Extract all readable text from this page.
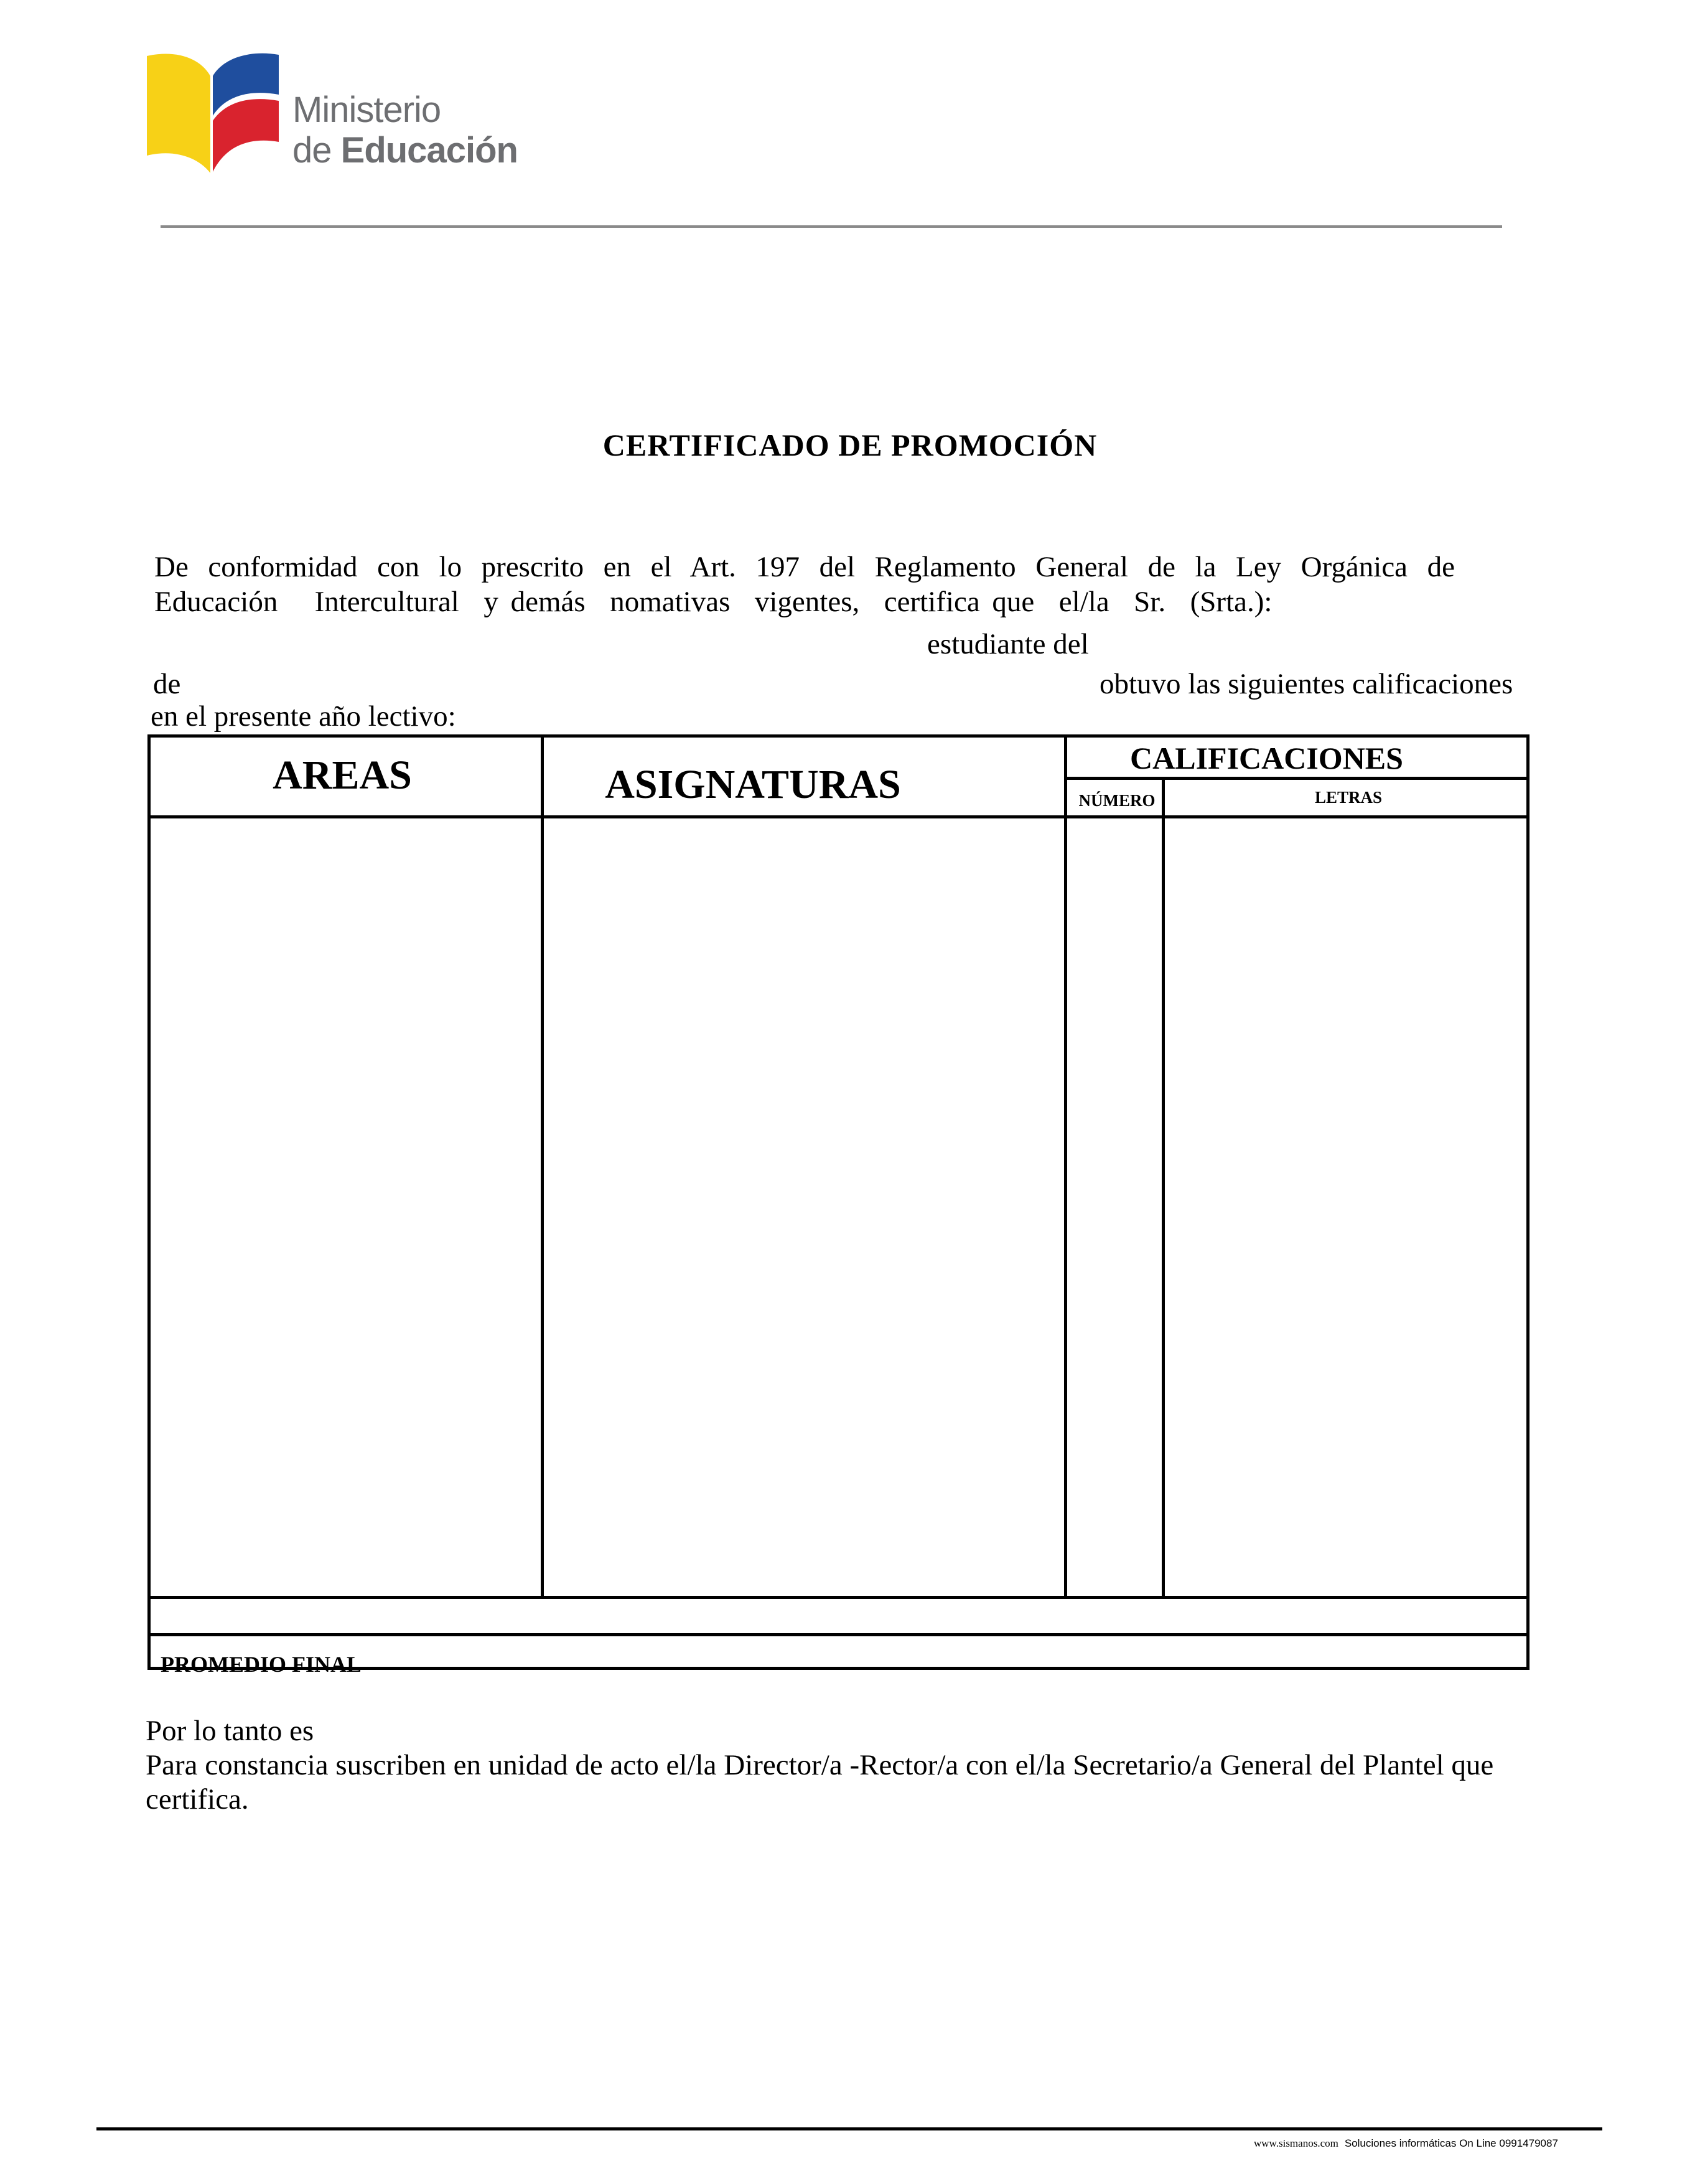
Ministerio
de Educación
CERTIFICADO DE PROMOCIÓN
De conformidad con lo prescrito en el Art. 197 del Reglamento General de la Ley Orgánica de
Educación   Intercultural  y demás  nomativas  vigentes,  certifica que  el/la  Sr.  (Srta.):
estudiante del
de	obtuvo las siguientes calificaciones
en el presente año lectivo:
AREAS	ASIGNATURAS
CALIFICACIONES
NÚMERO	LETRAS
PROMEDIO FINAL
Por lo tanto es
Para constancia suscriben en unidad de acto el/la Director/a -Rector/a con el/la Secretario/a General del Plantel que
certifica.
www.sismanos.com Soluciones informáticas On Line 0991479087
